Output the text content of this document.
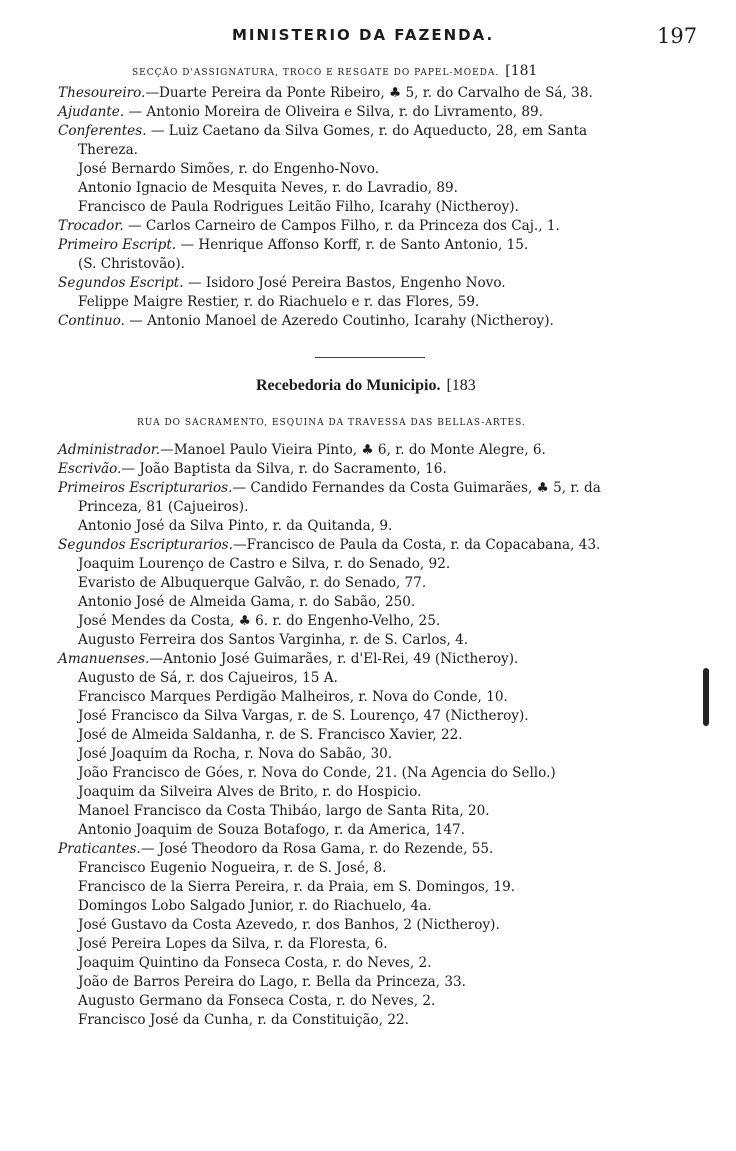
MINISTERIO DA FAZENDA.	197
SECÇÃO D'ASSIGNATURA, TROCO E RESGATE DO PAPEL-MOEDA. [181
Thesoureiro.—Duarte Pereira da Ponte Ribeiro, ♣ 5, r. do Carvalho de Sá, 38.
Ajudante. — Antonio Moreira de Oliveira e Silva, r. do Livramento, 89.
Conferentes. — Luiz Caetano da Silva Gomes, r. do Aqueducto, 28, em Santa
Thereza.
José Bernardo Simões, r. do Engenho-Novo.
Antonio Ignacio de Mesquita Neves, r. do Lavradio, 89.
Francisco de Paula Rodrigues Leitão Filho, Icarahy (Nictheroy).
Trocador. — Carlos Carneiro de Campos Filho, r. da Princeza dos Caj., 1.
Primeiro Escript. — Henrique Affonso Korff, r. de Santo Antonio, 15.
(S. Christovão).
Segundos Escript. — Isidoro José Pereira Bastos, Engenho Novo.
Felippe Maigre Restier, r. do Riachuelo e r. das Flores, 59.
Continuo. — Antonio Manoel de Azeredo Coutinho, Icarahy (Nictheroy).
Recebedoria do Municipio. [183
RUA DO SACRAMENTO, ESQUINA DA TRAVESSA DAS BELLAS-ARTES.
Administrador.—Manoel Paulo Vieira Pinto, ♣ 6, r. do Monte Alegre, 6.
Escrivão.— João Baptista da Silva, r. do Sacramento, 16.
Primeiros Escripturarios.— Candido Fernandes da Costa Guimarães, ♣ 5, r. da
Princeza, 81 (Cajueiros).
Antonio José da Silva Pinto, r. da Quitanda, 9.
Segundos Escripturarios.—Francisco de Paula da Costa, r. da Copacabana, 43.
Joaquim Lourenço de Castro e Silva, r. do Senado, 92.
Evaristo de Albuquerque Galvão, r. do Senado, 77.
Antonio José de Almeida Gama, r. do Sabão, 250.
José Mendes da Costa, ♣ 6. r. do Engenho-Velho, 25.
Augusto Ferreira dos Santos Varginha, r. de S. Carlos, 4.
Amanuenses.—Antonio José Guimarães, r. d'El-Rei, 49 (Nictheroy).
Augusto de Sá, r. dos Cajueiros, 15 A.
Francisco Marques Perdigão Malheiros, r. Nova do Conde, 10.
José Francisco da Silva Vargas, r. de S. Lourenço, 47 (Nictheroy).
José de Almeida Saldanha, r. de S. Francisco Xavier, 22.
José Joaquim da Rocha, r. Nova do Sabão, 30.
João Francisco de Góes, r. Nova do Conde, 21. (Na Agencia do Sello.)
Joaquim da Silveira Alves de Brito, r. do Hospicio.
Manoel Francisco da Costa Thibáo, largo de Santa Rita, 20.
Antonio Joaquim de Souza Botafogo, r. da America, 147.
Praticantes.— José Theodoro da Rosa Gama, r. do Rezende, 55.
Francisco Eugenio Nogueira, r. de S. José, 8.
Francisco de la Sierra Pereira, r. da Praia, em S. Domingos, 19.
Domingos Lobo Salgado Junior, r. do Riachuelo, 4a.
José Gustavo da Costa Azevedo, r. dos Banhos, 2 (Nictheroy).
José Pereira Lopes da Silva, r. da Floresta, 6.
Joaquim Quintino da Fonseca Costa, r. do Neves, 2.
João de Barros Pereira do Lago, r. Bella da Princeza, 33.
Augusto Germano da Fonseca Costa, r. do Neves, 2.
Francisco José da Cunha, r. da Constituição, 22.
